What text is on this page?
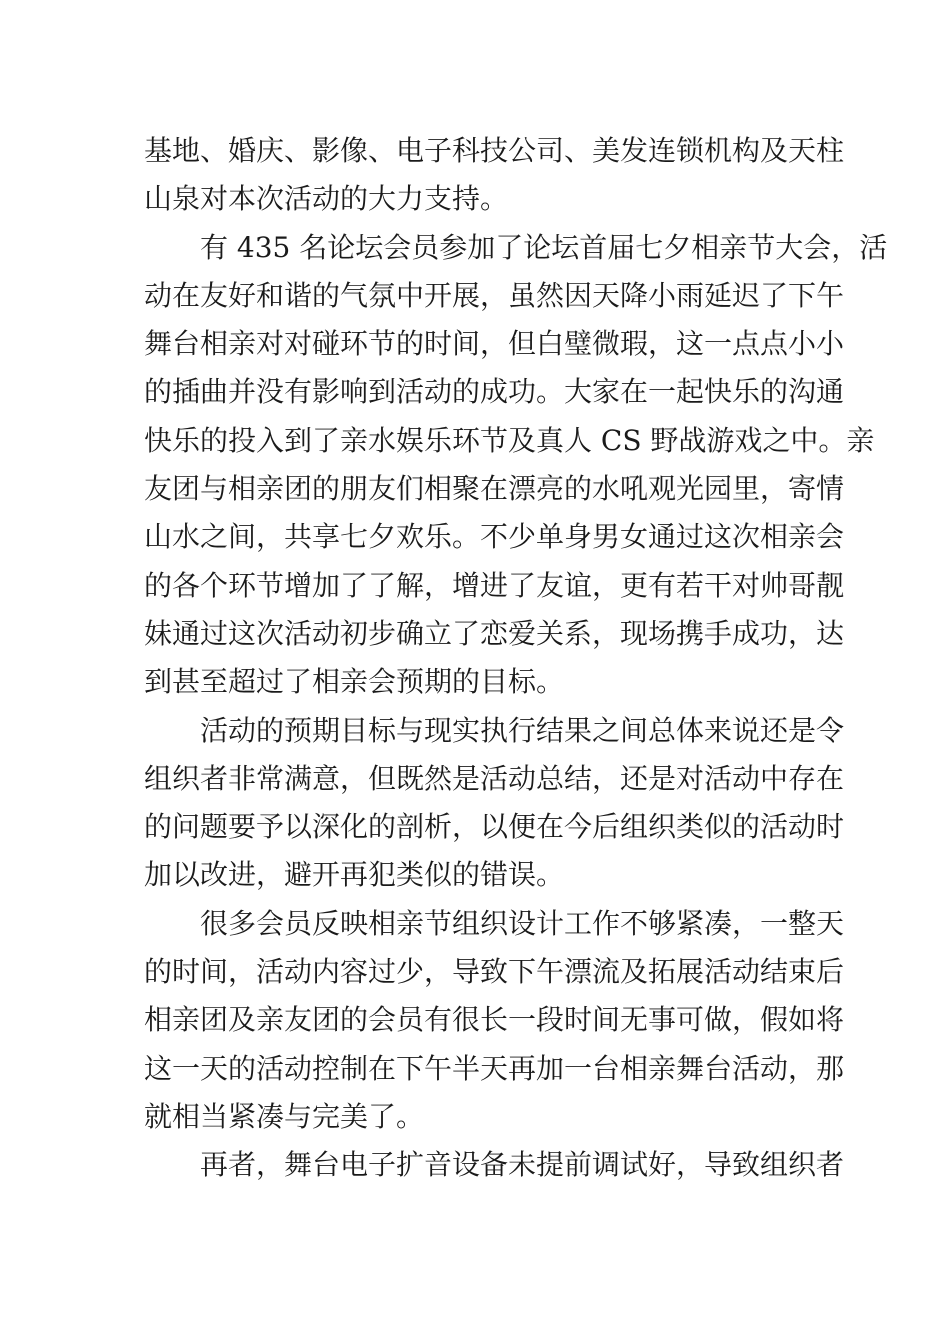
基地、婚庆、影像、电子科技公司、美发连锁机构及天柱
山泉对本次活动的大力支持。
有 435 名论坛会员参加了论坛首届七夕相亲节大会，活
动在友好和谐的气氛中开展，虽然因天降小雨延迟了下午
舞台相亲对对碰环节的时间，但白璧微瑕，这一点点小小
的插曲并没有影响到活动的成功。大家在一起快乐的沟通
快乐的投入到了亲水娱乐环节及真人 CS 野战游戏之中。亲
友团与相亲团的朋友们相聚在漂亮的水吼观光园里，寄情
山水之间，共享七夕欢乐。不少单身男女通过这次相亲会
的各个环节增加了了解，增进了友谊，更有若干对帅哥靓
妹通过这次活动初步确立了恋爱关系，现场携手成功，达
到甚至超过了相亲会预期的目标。
活动的预期目标与现实执行结果之间总体来说还是令
组织者非常满意，但既然是活动总结，还是对活动中存在
的问题要予以深化的剖析，以便在今后组织类似的活动时
加以改进，避开再犯类似的错误。
很多会员反映相亲节组织设计工作不够紧凑，一整天
的时间，活动内容过少，导致下午漂流及拓展活动结束后
相亲团及亲友团的会员有很长一段时间无事可做，假如将
这一天的活动控制在下午半天再加一台相亲舞台活动，那
就相当紧凑与完美了。
再者，舞台电子扩音设备未提前调试好，导致组织者
